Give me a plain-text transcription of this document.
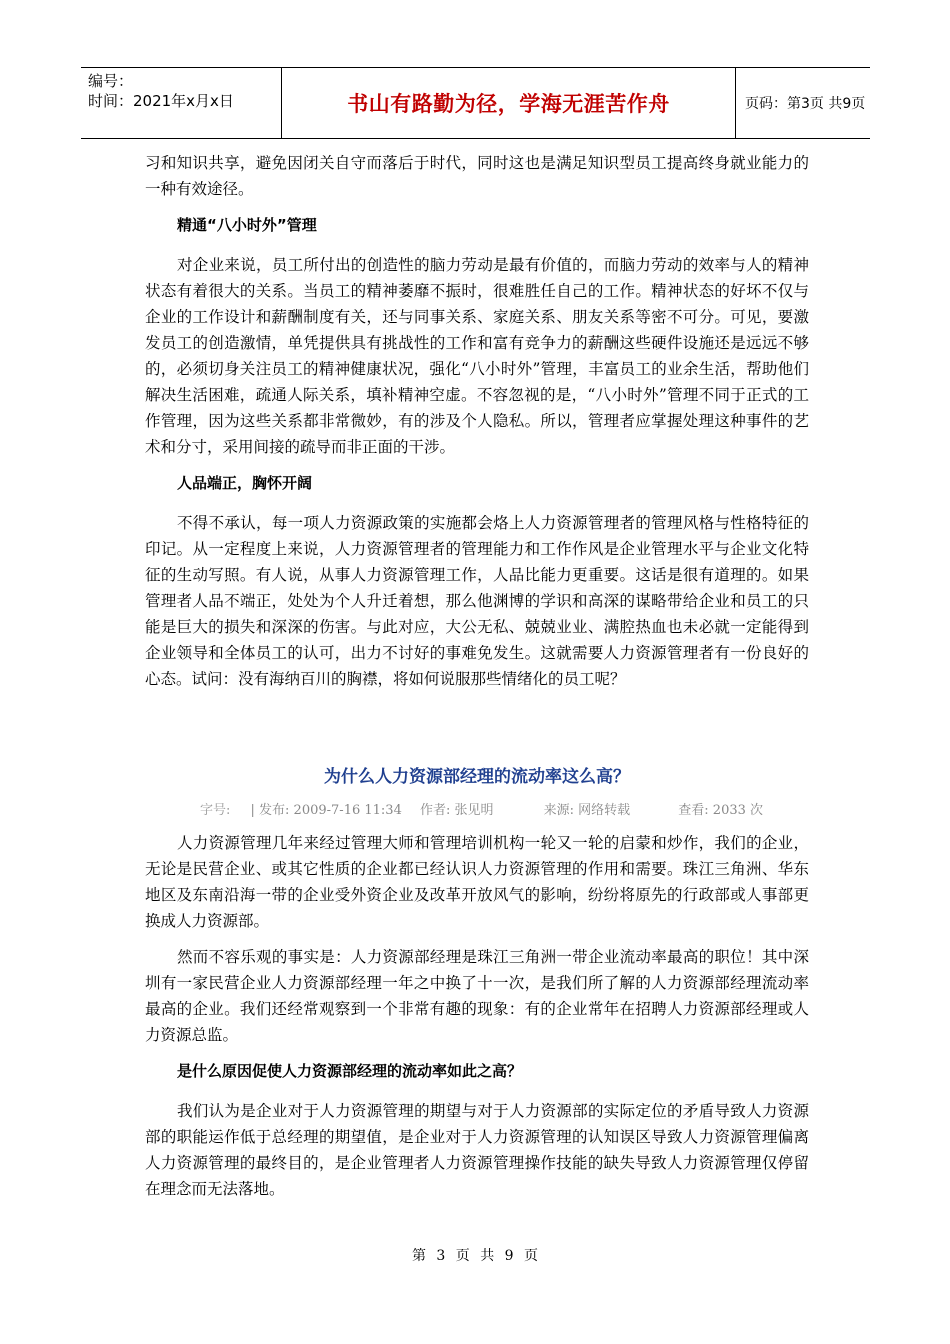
编号：
时间：2021年x月x日	书山有路勤为径，学海无涯苦作舟	页码：第3页 共9页

习和知识共享，避免因闭关自守而落后于时代，同时这也是满足知识型员工提高终身就业能力的一种有效途径。

精通“八小时外”管理

对企业来说，员工所付出的创造性的脑力劳动是最有价值的，而脑力劳动的效率与人的精神状态有着很大的关系。当员工的精神萎靡不振时，很难胜任自己的工作。精神状态的好坏不仅与企业的工作设计和薪酬制度有关，还与同事关系、家庭关系、朋友关系等密不可分。可见，要激发员工的创造激情，单凭提供具有挑战性的工作和富有竞争力的薪酬这些硬件设施还是远远不够的，必须切身关注员工的精神健康状况，强化“八小时外”管理，丰富员工的业余生活，帮助他们解决生活困难，疏通人际关系，填补精神空虚。不容忽视的是，“八小时外”管理不同于正式的工作管理，因为这些关系都非常微妙，有的涉及个人隐私。所以，管理者应掌握处理这种事件的艺术和分寸，采用间接的疏导而非正面的干涉。

人品端正，胸怀开阔

不得不承认，每一项人力资源政策的实施都会烙上人力资源管理者的管理风格与性格特征的印记。从一定程度上来说，人力资源管理者的管理能力和工作作风是企业管理水平与企业文化特征的生动写照。有人说，从事人力资源管理工作，人品比能力更重要。这话是很有道理的。如果管理者人品不端正，处处为个人升迁着想，那么他渊博的学识和高深的谋略带给企业和员工的只能是巨大的损失和深深的伤害。与此对应，大公无私、兢兢业业、满腔热血也未必就一定能得到企业领导和全体员工的认可，出力不讨好的事难免发生。这就需要人力资源管理者有一份良好的心态。试问：没有海纳百川的胸襟，将如何说服那些情绪化的员工呢？

为什么人力资源部经理的流动率这么高？
字号: | 发布: 2009-7-16 11:34 作者: 张见明	来源: 网络转载	查看: 2033 次

人力资源管理几年来经过管理大师和管理培训机构一轮又一轮的启蒙和炒作，我们的企业，无论是民营企业、或其它性质的企业都已经认识人力资源管理的作用和需要。珠江三角洲、华东地区及东南沿海一带的企业受外资企业及改革开放风气的影响，纷纷将原先的行政部或人事部更换成人力资源部。

然而不容乐观的事实是：人力资源部经理是珠江三角洲一带企业流动率最高的职位！其中深圳有一家民营企业人力资源部经理一年之中换了十一次，是我们所了解的人力资源部经理流动率最高的企业。我们还经常观察到一个非常有趣的现象：有的企业常年在招聘人力资源部经理或人力资源总监。

是什么原因促使人力资源部经理的流动率如此之高？

我们认为是企业对于人力资源管理的期望与对于人力资源部的实际定位的矛盾导致人力资源部的职能运作低于总经理的期望值，是企业对于人力资源管理的认知误区导致人力资源管理偏离人力资源管理的最终目的，是企业管理者人力资源管理操作技能的缺失导致人力资源管理仅停留在理念而无法落地。

第 3 页 共 9 页
